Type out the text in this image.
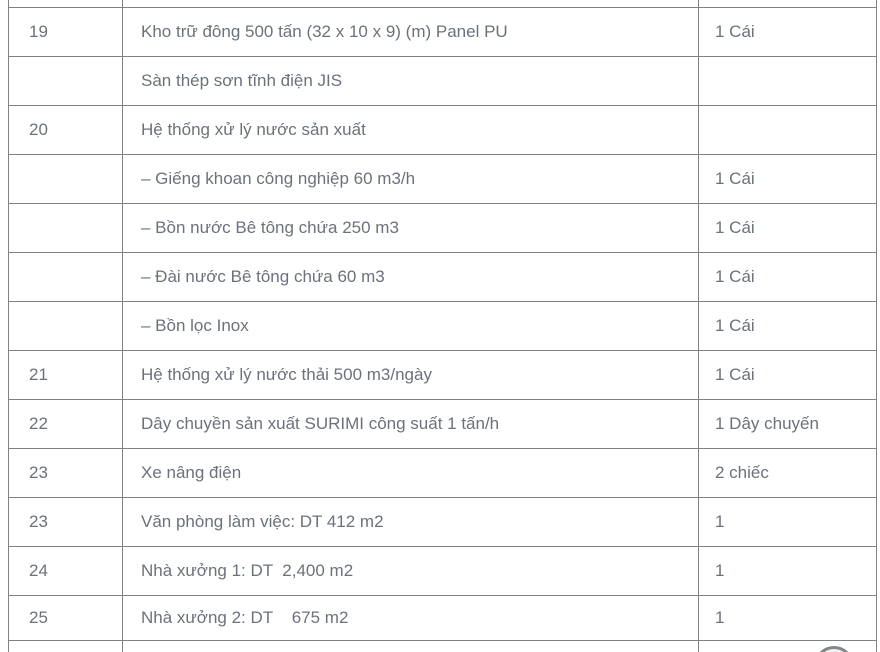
19	Kho trữ đông 500 tấn (32 x 10 x 9) (m) Panel PU	1 Cái
	Sàn thép sơn tĩnh điện JIS	
20	Hệ thống xử lý nước sản xuất	
	– Giếng khoan công nghiệp 60 m3/h	1 Cái
	– Bồn nước Bê tông chứa 250 m3	1 Cái
	– Đài nước Bê tông chứa 60 m3	1 Cái
	– Bồn lọc Inox	1 Cái
21	Hệ thống xử lý nước thải 500 m3/ngày	1 Cái
22	Dây chuyền sản xuất SURIMI công suất 1 tấn/h	1 Dây chuyến
23	Xe nâng điện	2 chiếc
23	Văn phòng làm việc: DT 412 m2	1
24	Nhà xưởng 1: DT  2,400 m2	1
25	Nhà xưởng 2: DT    675 m2	1
